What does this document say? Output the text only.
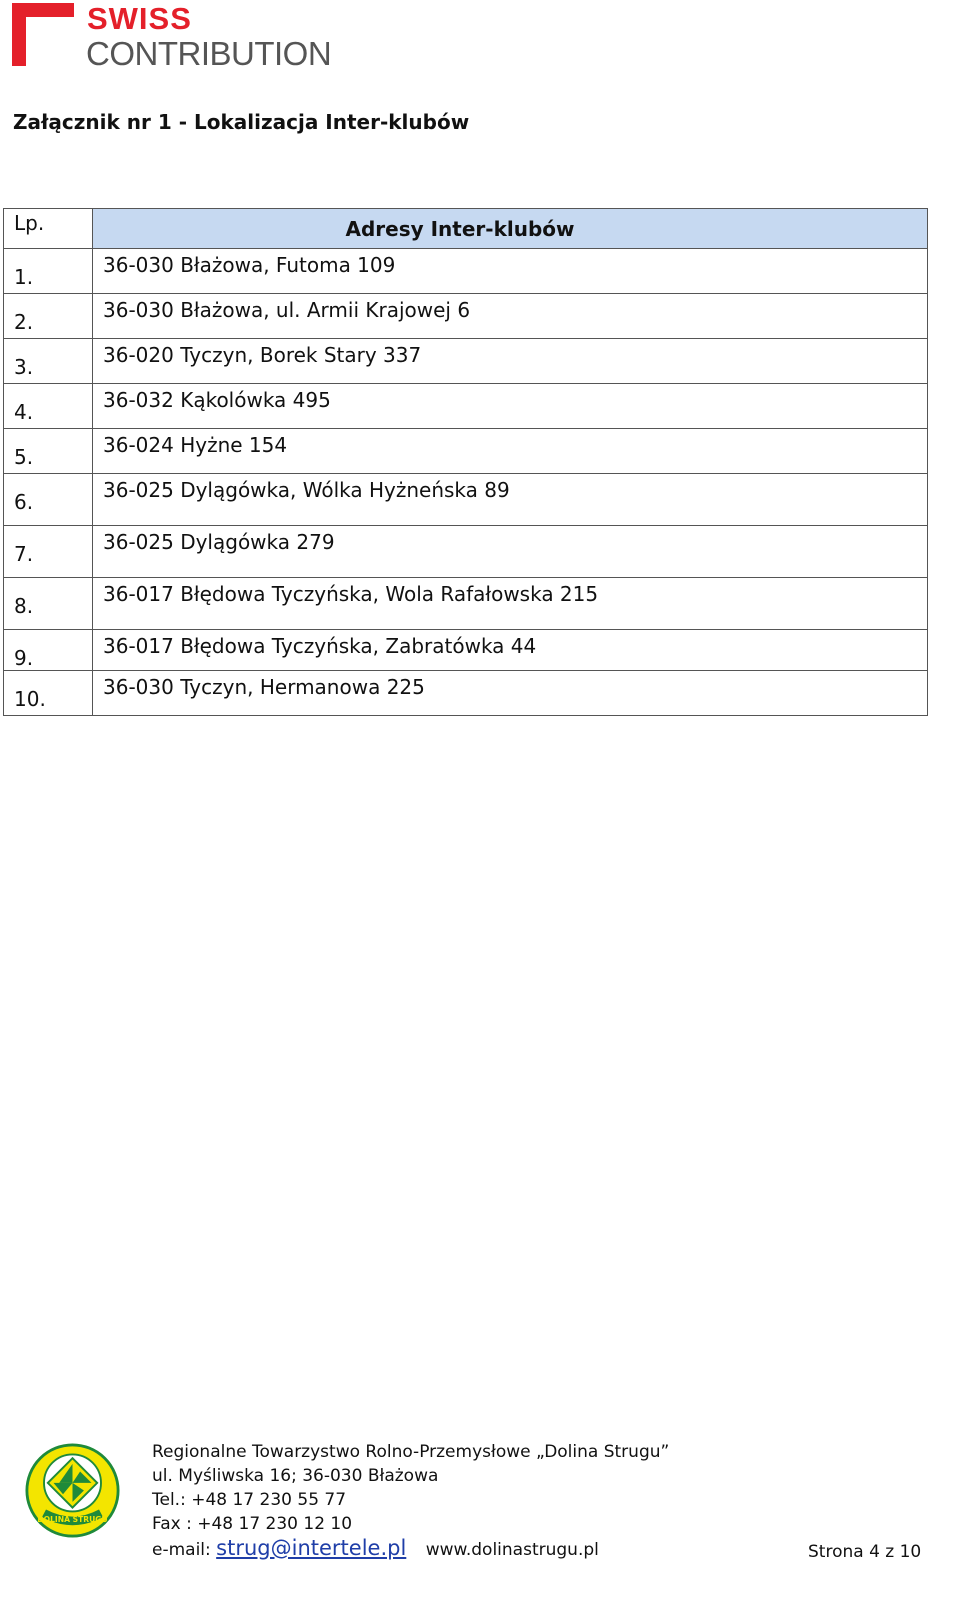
SWISS
CONTRIBUTION
Załącznik nr 1 - Lokalizacja Inter-klubów
Lp.	Adresy Inter-klubów
1.	36-030 Błażowa, Futoma 109
2.	36-030 Błażowa, ul. Armii Krajowej 6
3.	36-020 Tyczyn, Borek Stary 337
4.	36-032 Kąkolówka 495
5.	36-024 Hyżne 154
6.	36-025 Dylągówka, Wólka Hyżneńska 89
7.	36-025 Dylągówka 279
8.	36-017 Błędowa Tyczyńska, Wola Rafałowska 215
9.	36-017 Błędowa Tyczyńska, Zabratówka 44
10.	36-030 Tyczyn, Hermanowa 225
DOLINA STRUGU
Regionalne Towarzystwo Rolno-Przemysłowe „Dolina Strugu”
ul. Myśliwska 16; 36-030 Błażowa
Tel.: +48 17 230 55 77
Fax : +48 17 230 12 10
e-mail: strug@intertele.pl www.dolinastrugu.pl	Strona 4 z 10
